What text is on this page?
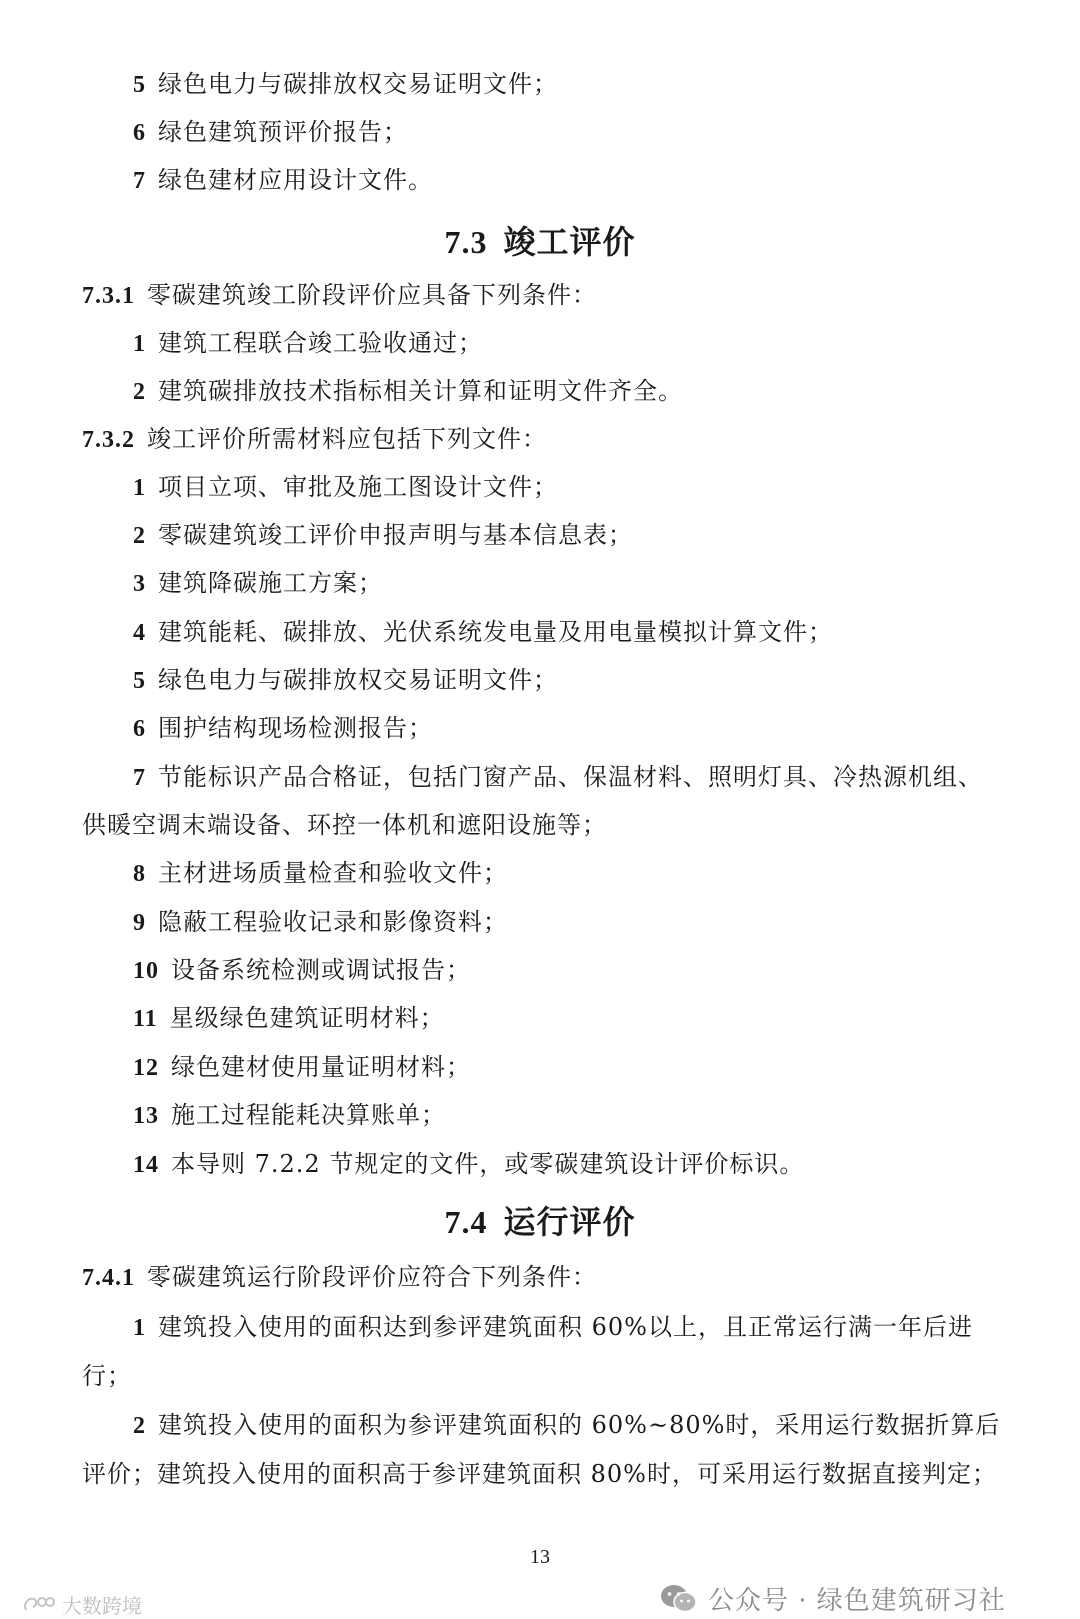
5 绿色电力与碳排放权交易证明文件；
6 绿色建筑预评价报告；
7 绿色建材应用设计文件。
7.3 竣工评价
7.3.1 零碳建筑竣工阶段评价应具备下列条件：
1 建筑工程联合竣工验收通过；
2 建筑碳排放技术指标相关计算和证明文件齐全。
7.3.2 竣工评价所需材料应包括下列文件：
1 项目立项、审批及施工图设计文件；
2 零碳建筑竣工评价申报声明与基本信息表；
3 建筑降碳施工方案；
4 建筑能耗、碳排放、光伏系统发电量及用电量模拟计算文件；
5 绿色电力与碳排放权交易证明文件；
6 围护结构现场检测报告；
7 节能标识产品合格证，包括门窗产品、保温材料、照明灯具、冷热源机组、
供暖空调末端设备、环控一体机和遮阳设施等；
8 主材进场质量检查和验收文件；
9 隐蔽工程验收记录和影像资料；
10 设备系统检测或调试报告；
11 星级绿色建筑证明材料；
12 绿色建材使用量证明材料；
13 施工过程能耗决算账单；
14 本导则 7.2.2 节规定的文件，或零碳建筑设计评价标识。
7.4 运行评价
7.4.1 零碳建筑运行阶段评价应符合下列条件：
1 建筑投入使用的面积达到参评建筑面积 60%以上，且正常运行满一年后进
行；
2 建筑投入使用的面积为参评建筑面积的 60%~80%时，采用运行数据折算后
评价；建筑投入使用的面积高于参评建筑面积 80%时，可采用运行数据直接判定；
13
公众号 · 绿色建筑研习社
大数跨境
